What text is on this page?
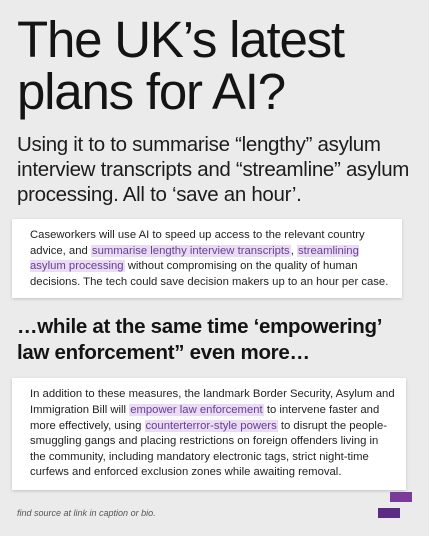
The UK’s latest plans for AI?

Using it to to summarise “lengthy” asylum interview transcripts and “streamline” asylum processing. All to ‘save an hour’.

Caseworkers will use AI to speed up access to the relevant country advice, and summarise lengthy interview transcripts, streamlining asylum processing without compromising on the quality of human decisions. The tech could save decision makers up to an hour per case.
…while at the same time ‘empowering’ law enforcement” even more…
In addition to these measures, the landmark Border Security, Asylum and Immigration Bill will empower law enforcement to intervene faster and more effectively, using counterterror-style powers to disrupt the people-smuggling gangs and placing restrictions on foreign offenders living in the community, including mandatory electronic tags, strict night-time curfews and enforced exclusion zones while awaiting removal.
find source at link in caption or bio.
